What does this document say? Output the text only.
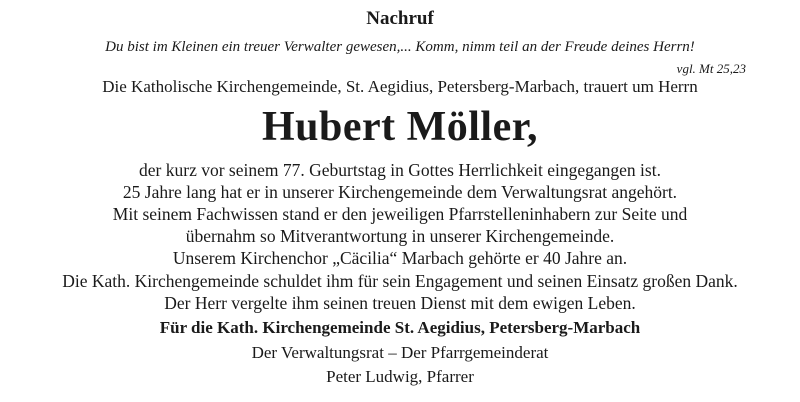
Nachruf
Du bist im Kleinen ein treuer Verwalter gewesen,... Komm, nimm teil an der Freude deines Herrn!
vgl. Mt 25,23
Die Katholische Kirchengemeinde, St. Aegidius, Petersberg-Marbach, trauert um Herrn
Hubert Möller,
der kurz vor seinem 77. Geburtstag in Gottes Herrlichkeit eingegangen ist.
25 Jahre lang hat er in unserer Kirchengemeinde dem Verwaltungsrat angehört.
Mit seinem Fachwissen stand er den jeweiligen Pfarrstelleninhabern zur Seite und
übernahm so Mitverantwortung in unserer Kirchengemeinde.
Unserem Kirchenchor „Cäcilia“ Marbach gehörte er 40 Jahre an.
Die Kath. Kirchengemeinde schuldet ihm für sein Engagement und seinen Einsatz großen Dank.
Der Herr vergelte ihm seinen treuen Dienst mit dem ewigen Leben.
Für die Kath. Kirchengemeinde St. Aegidius, Petersberg-Marbach
Der Verwaltungsrat – Der Pfarrgemeinderat
Peter Ludwig, Pfarrer
